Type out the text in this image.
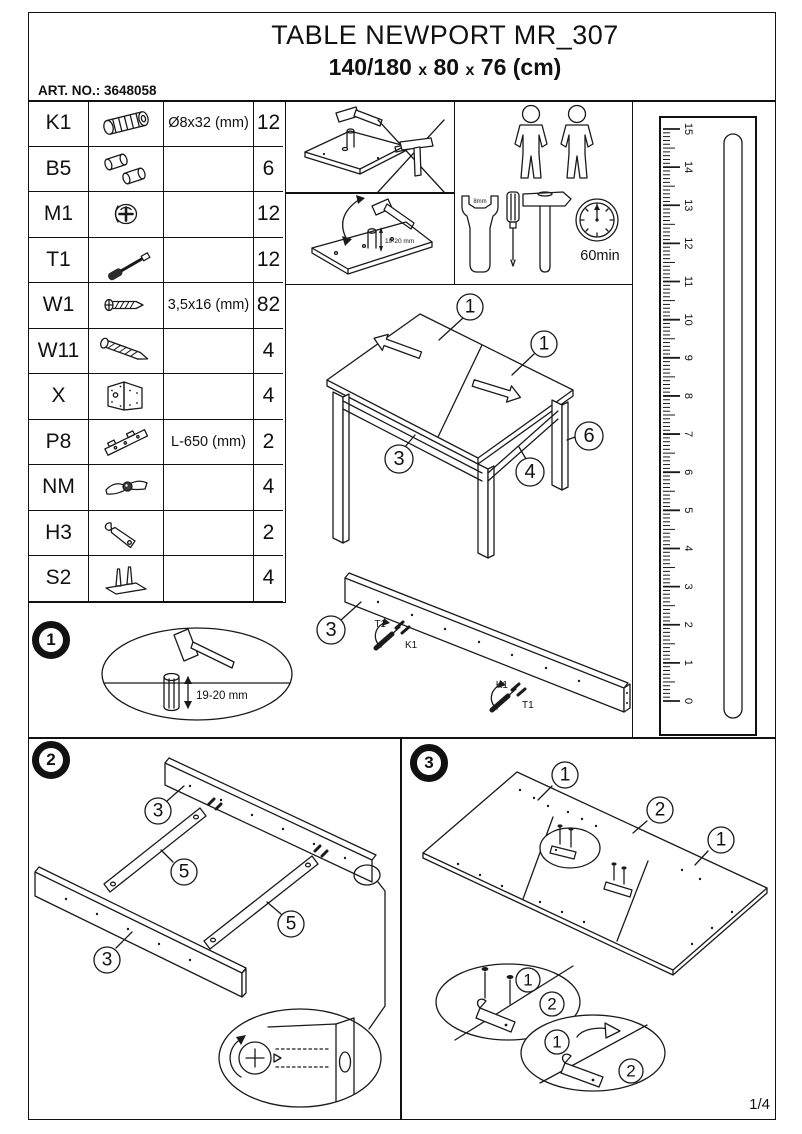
TABLE NEWPORT MR_307
140/180 x 80 x 76 (cm)
ART. NO.: 3648058
K1	Ø8x32 (mm) 12
B5	6
M1	12
T1	12
W1	3,5x16 (mm) 82
W11	4
X	4
P8	L-650 (mm) 2
NM	4
H3	2
S2	4
19-20 mm
8mm
60min
0
1
2
3
4
5
6
7
8
9
10
11
12
13
14
15
1
1
3
4
6
3	T1
K1
K1
T1
19-20 mm
3
5
5
3
1
2
1
1
2
1
2
1
2	3
1/4
